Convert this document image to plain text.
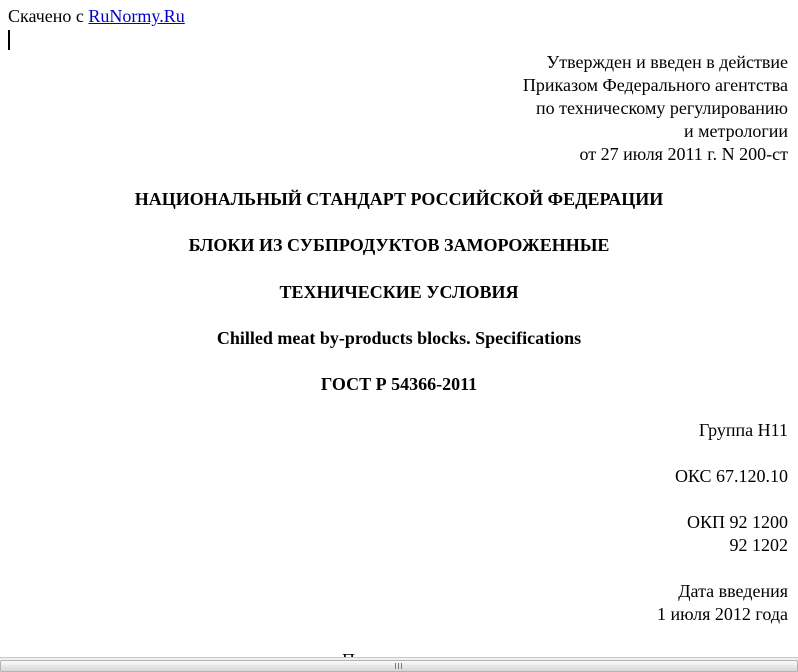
Скачено с RuNormy.Ru
Утвержден и введен в действие
Приказом Федерального агентства
по техническому регулированию
и метрологии
от 27 июля 2011 г. N 200-ст
НАЦИОНАЛЬНЫЙ СТАНДАРТ РОССИЙСКОЙ ФЕДЕРАЦИИ
БЛОКИ ИЗ СУБПРОДУКТОВ ЗАМОРОЖЕННЫЕ
ТЕХНИЧЕСКИЕ УСЛОВИЯ
Chilled meat by-products blocks. Specifications
ГОСТ Р 54366-2011
Группа Н11
ОКС 67.120.10
ОКП 92 1200
92 1202
Дата введения
1 июля 2012 года
